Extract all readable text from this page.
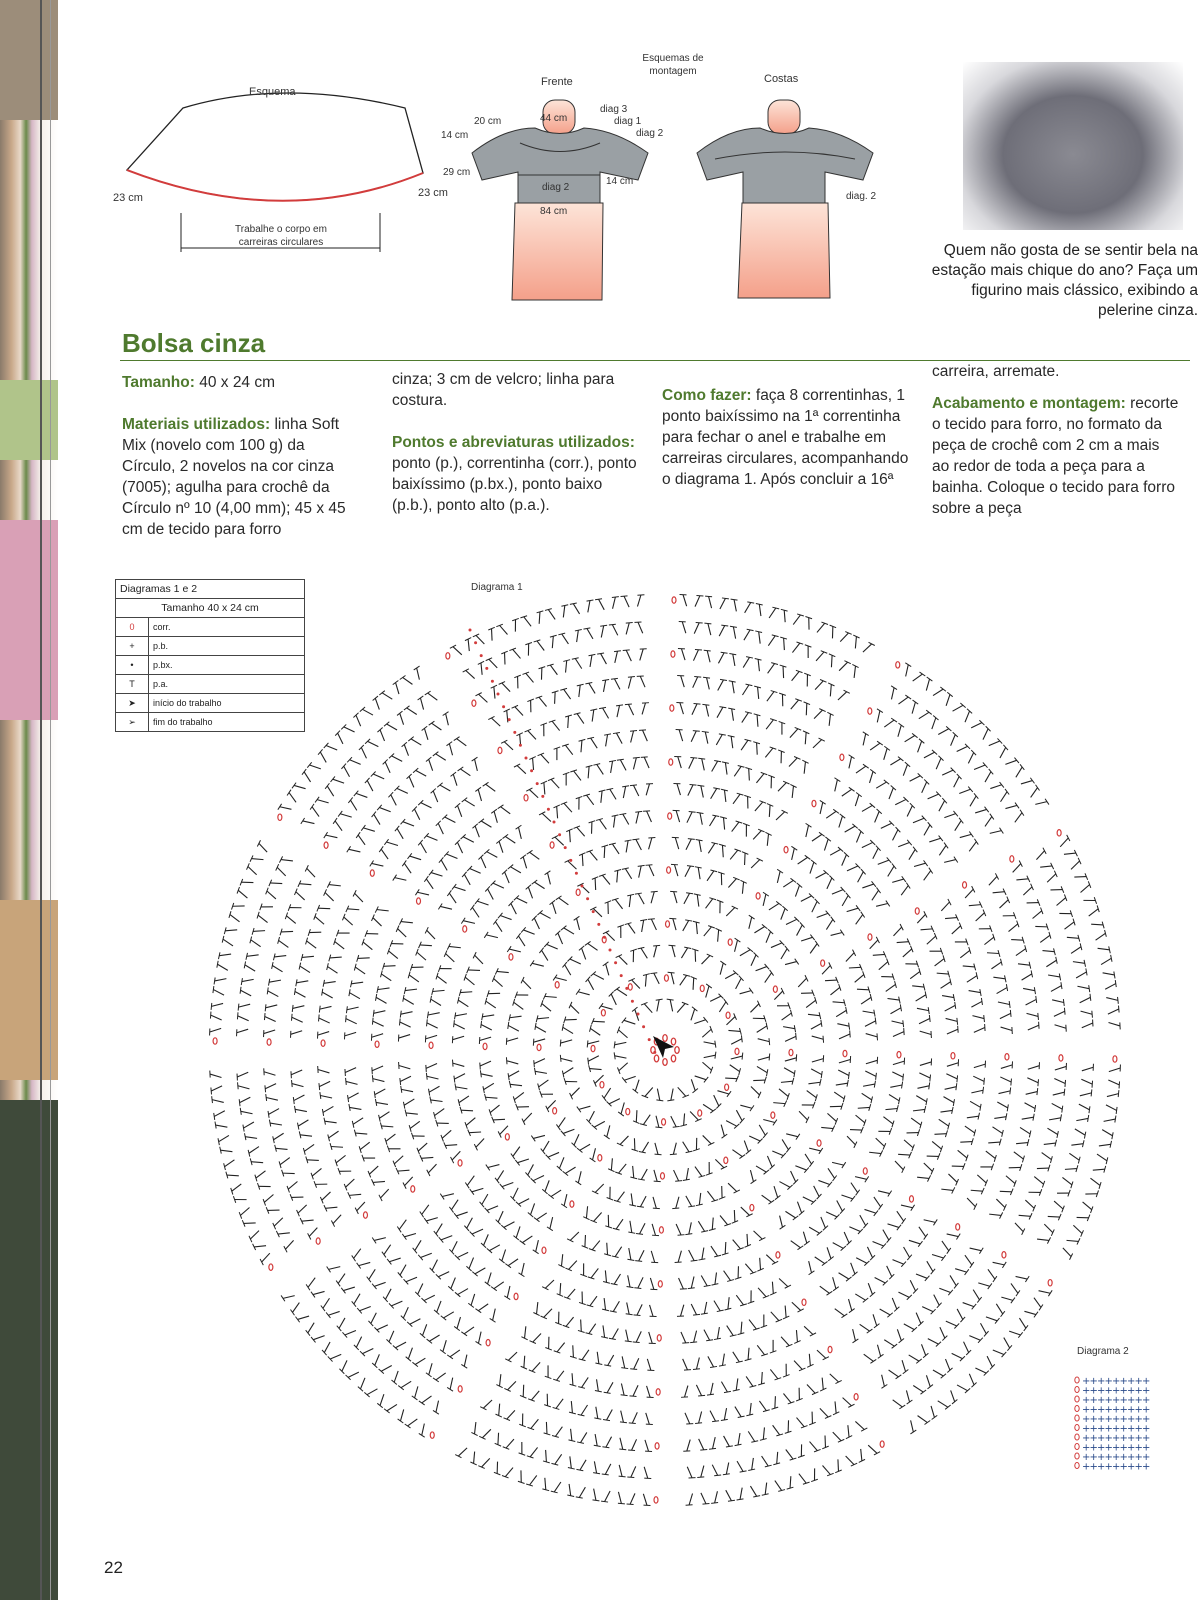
Esquema
23 cm	23 cm
Trabalhe o corpo em carreiras circulares
Esquemas de montagem
Frente	Costas
20 cm
14 cm
44 cm
29 cm
14 cm
84 cm
diag 3
diag 1
diag 2
diag 2
diag. 2
Quem não gosta de se sentir bela na estação mais chique do ano? Faça um figurino mais clássico, exibindo a pelerine cinza.
Bolsa cinza
Tamanho: 40 x 24 cm
Materiais utilizados: linha Soft Mix (novelo com 100 g) da Círculo, 2 novelos na cor cinza (7005); agulha para crochê da Círculo nº 10 (4,00 mm); 45 x 45 cm de tecido para forro
cinza; 3 cm de velcro; linha para costura.
Pontos e abreviaturas utilizados: ponto (p.), correntinha (corr.), ponto baixíssimo (p.bx.), ponto baixo (p.b.), ponto alto (p.a.).
Como fazer: faça 8 correntinhas, 1 ponto baixíssimo na 1ª correntinha para fechar o anel e trabalhe em carreiras circulares, acompanhando o diagrama 1. Após concluir a 16ª
carreira, arremate.
Acabamento e montagem: recorte o tecido para forro, no formato da peça de crochê com 2 cm a mais ao redor de toda a peça para a bainha. Coloque o tecido para forro sobre a peça
Diagramas 1 e 2	
Tamanho 40 x 24 cm	
0	corr.
+	p.b.
•	p.bx.
T	p.a.
➤	início do trabalho
➢	fim do trabalho
Diagrama 1
Diagrama 2
+ + + + + + + + +
+ + + + + + + + +
+ + + + + + + + +
+ + + + + + + + +
+ + + + + + + + +
+ + + + + + + + +
+ + + + + + + + +
+ + + + + + + + +
+ + + + + + + + +
+ + + + + + + + +
22
